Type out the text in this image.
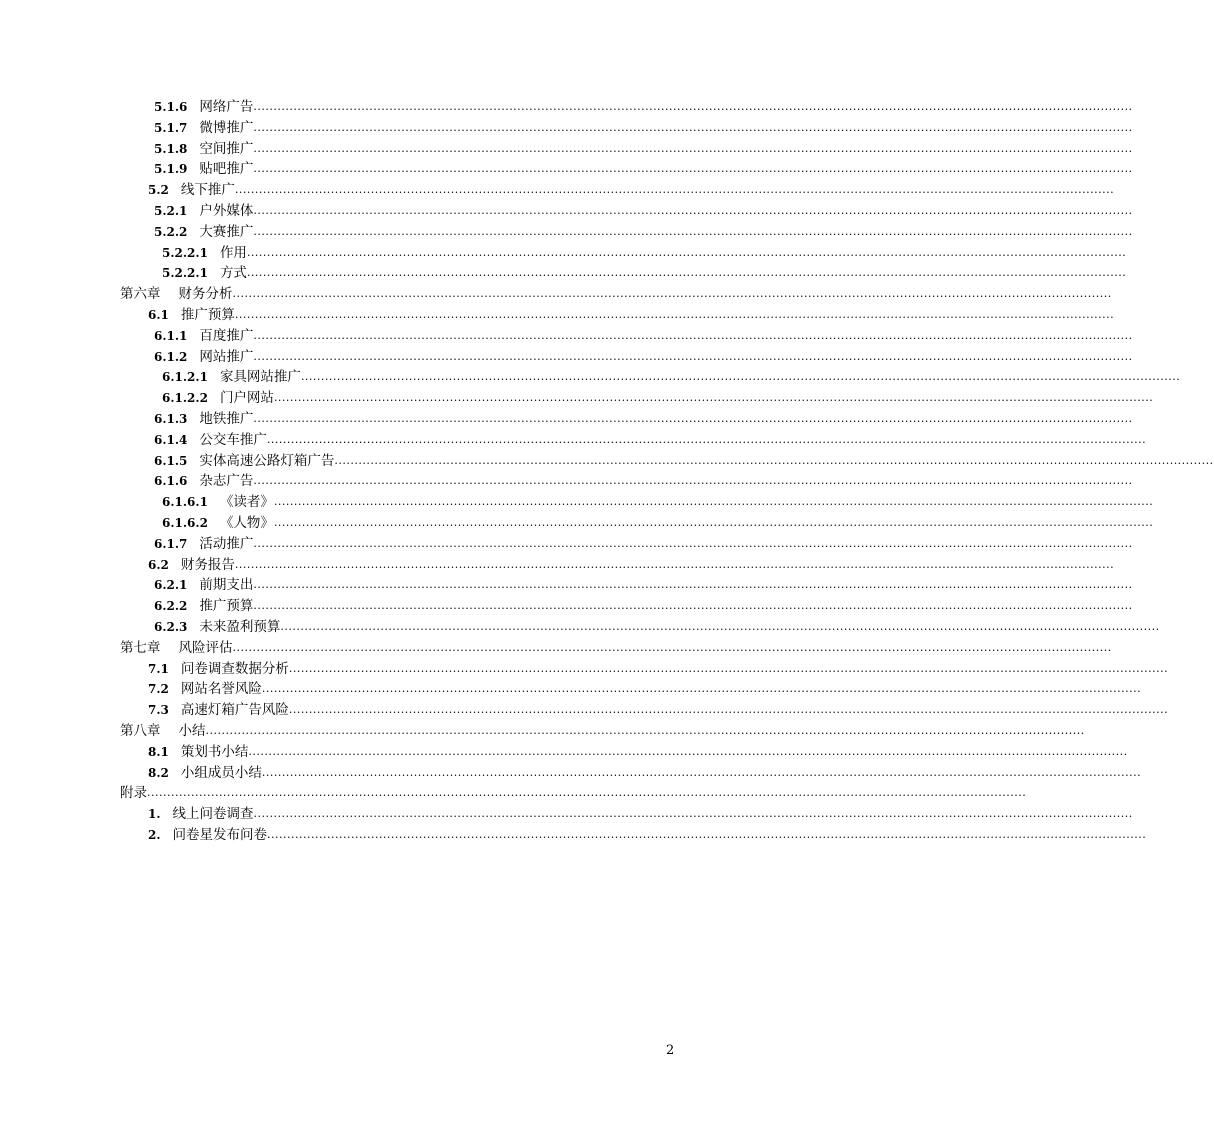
5.1.6 网络广告 ............................................................................................................................................................................................................................
5.1.7 微博推广 ............................................................................................................................................................................................................................
5.1.8 空间推广 ............................................................................................................................................................................................................................
5.1.9 贴吧推广 ............................................................................................................................................................................................................................
5.2 线下推广 ............................................................................................................................................................................................................................
5.2.1 户外媒体 ............................................................................................................................................................................................................................
5.2.2 大赛推广 ............................................................................................................................................................................................................................
5.2.2.1 作用 ............................................................................................................................................................................................................................
5.2.2.1 方式 ............................................................................................................................................................................................................................
第六章 财务分析 ............................................................................................................................................................................................................................
6.1 推广预算 ............................................................................................................................................................................................................................
6.1.1 百度推广 ............................................................................................................................................................................................................................
6.1.2 网站推广 ............................................................................................................................................................................................................................
6.1.2.1 家具网站推广 ............................................................................................................................................................................................................................
6.1.2.2 门户网站 ............................................................................................................................................................................................................................
6.1.3 地铁推广 ............................................................................................................................................................................................................................
6.1.4 公交车推广 ............................................................................................................................................................................................................................
6.1.5 实体高速公路灯箱广告 ............................................................................................................................................................................................................................
6.1.6 杂志广告 ............................................................................................................................................................................................................................
6.1.6.1 《读者》 ............................................................................................................................................................................................................................
6.1.6.2 《人物》 ............................................................................................................................................................................................................................
6.1.7 活动推广 ............................................................................................................................................................................................................................
6.2 财务报告 ............................................................................................................................................................................................................................
6.2.1 前期支出 ............................................................................................................................................................................................................................
6.2.2 推广预算 ............................................................................................................................................................................................................................
6.2.3 未来盈利预算 ............................................................................................................................................................................................................................
第七章 风险评估 ............................................................................................................................................................................................................................
7.1 问卷调查数据分析 ............................................................................................................................................................................................................................
7.2 网站名誉风险 ............................................................................................................................................................................................................................
7.3 高速灯箱广告风险 ............................................................................................................................................................................................................................
第八章 小结 ............................................................................................................................................................................................................................
8.1 策划书小结 ............................................................................................................................................................................................................................
8.2 小组成员小结 ............................................................................................................................................................................................................................
附录 ............................................................................................................................................................................................................................
1. 线上问卷调查 ............................................................................................................................................................................................................................
2. 问卷星发布问卷 ............................................................................................................................................................................................................................
2
